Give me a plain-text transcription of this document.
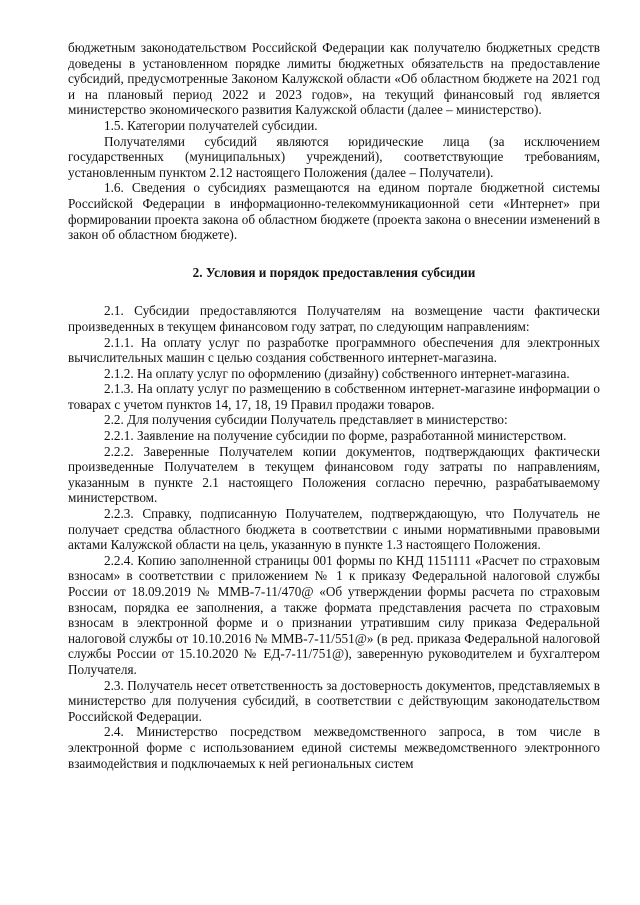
бюджетным законодательством Российской Федерации как получателю бюджетных средств доведены в установленном порядке лимиты бюджетных обязательств на предоставление субсидий, предусмотренные Законом Калужской области «Об областном бюджете на 2021 год и на плановый период 2022 и 2023 годов», на текущий финансовый год является министерство экономического развития Калужской области (далее – министерство).

1.5. Категории получателей субсидии.

Получателями субсидий являются юридические лица (за исключением государственных (муниципальных) учреждений), соответствующие требованиям, установленным пунктом 2.12 настоящего Положения (далее – Получатели).

1.6. Сведения о субсидиях размещаются на едином портале бюджетной системы Российской Федерации в информационно-телекоммуникационной сети «Интернет» при формировании проекта закона об областном бюджете (проекта закона о внесении изменений в закон об областном бюджете).

2. Условия и порядок предоставления субсидии

2.1. Субсидии предоставляются Получателям на возмещение части фактически произведенных в текущем финансовом году затрат, по следующим направлениям:

2.1.1. На оплату услуг по разработке программного обеспечения для электронных вычислительных машин с целью создания собственного интернет-магазина.

2.1.2. На оплату услуг по оформлению (дизайну) собственного интернет-магазина.

2.1.3. На оплату услуг по размещению в собственном интернет-магазине информации о товарах с учетом пунктов 14, 17, 18, 19 Правил продажи товаров.

2.2. Для получения субсидии Получатель представляет в министерство:

2.2.1. Заявление на получение субсидии по форме, разработанной министерством.

2.2.2. Заверенные Получателем копии документов, подтверждающих фактически произведенные Получателем в текущем финансовом году затраты по направлениям, указанным в пункте 2.1 настоящего Положения согласно перечню, разрабатываемому министерством.

2.2.3. Справку, подписанную Получателем, подтверждающую, что Получатель не получает средства областного бюджета в соответствии с иными нормативными правовыми актами Калужской области на цель, указанную в пункте 1.3 настоящего Положения.

2.2.4. Копию заполненной страницы 001 формы по КНД 1151111 «Расчет по страховым взносам» в соответствии с приложением № 1 к приказу Федеральной налоговой службы России от 18.09.2019 № ММВ-7-11/470@ «Об утверждении формы расчета по страховым взносам, порядка ее заполнения, а также формата представления расчета по страховым взносам в электронной форме и о признании утратившим силу приказа Федеральной налоговой службы от 10.10.2016 № ММВ-7-11/551@» (в ред. приказа Федеральной налоговой службы России от 15.10.2020 № ЕД-7-11/751@), заверенную руководителем и бухгалтером Получателя.

2.3. Получатель несет ответственность за достоверность документов, представляемых в министерство для получения субсидий, в соответствии с действующим законодательством Российской Федерации.

2.4. Министерство посредством межведомственного запроса, в том числе в электронной форме с использованием единой системы межведомственного электронного взаимодействия и подключаемых к ней региональных систем
